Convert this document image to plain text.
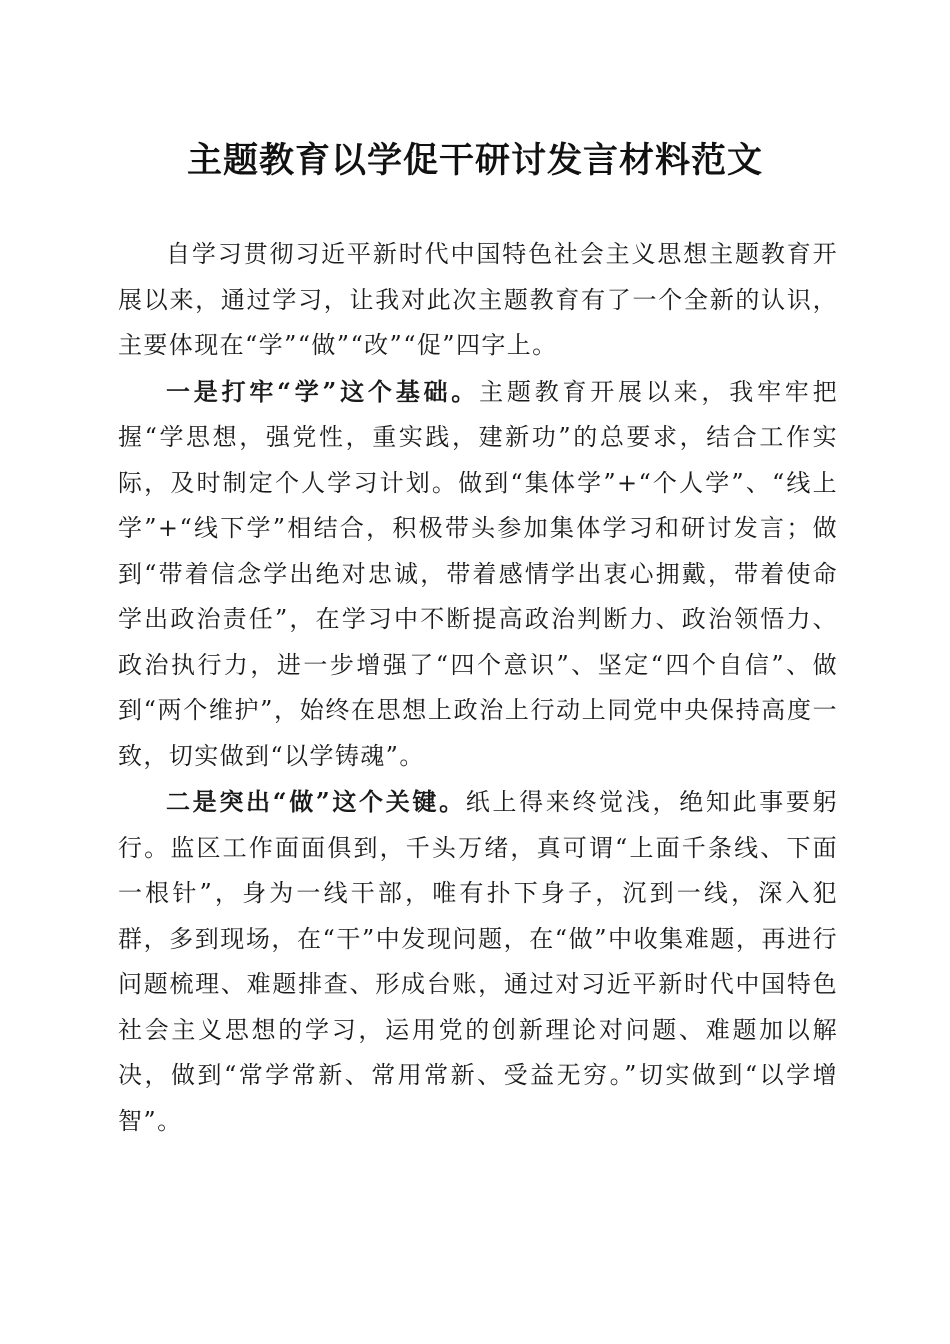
主题教育以学促干研讨发言材料范文

自学习贯彻习近平新时代中国特色社会主义思想主题教育开展以来，通过学习，让我对此次主题教育有了一个全新的认识，主要体现在“学”“做”“改”“促”四字上。

一是打牢“学”这个基础。主题教育开展以来，我牢牢把握“学思想，强党性，重实践，建新功”的总要求，结合工作实际，及时制定个人学习计划。做到“集体学”+“个人学”、“线上学”+“线下学”相结合，积极带头参加集体学习和研讨发言；做到“带着信念学出绝对忠诚，带着感情学出衷心拥戴，带着使命学出政治责任”，在学习中不断提高政治判断力、政治领悟力、政治执行力，进一步增强了“四个意识”、坚定“四个自信”、做到“两个维护”，始终在思想上政治上行动上同党中央保持高度一致，切实做到“以学铸魂”。

二是突出“做”这个关键。纸上得来终觉浅，绝知此事要躬行。监区工作面面俱到，千头万绪，真可谓“上面千条线、下面一根针”，身为一线干部，唯有扑下身子，沉到一线，深入犯群，多到现场，在“干”中发现问题，在“做”中收集难题，再进行问题梳理、难题排查、形成台账，通过对习近平新时代中国特色社会主义思想的学习，运用党的创新理论对问题、难题加以解决，做到“常学常新、常用常新、受益无穷。”切实做到“以学增智”。
